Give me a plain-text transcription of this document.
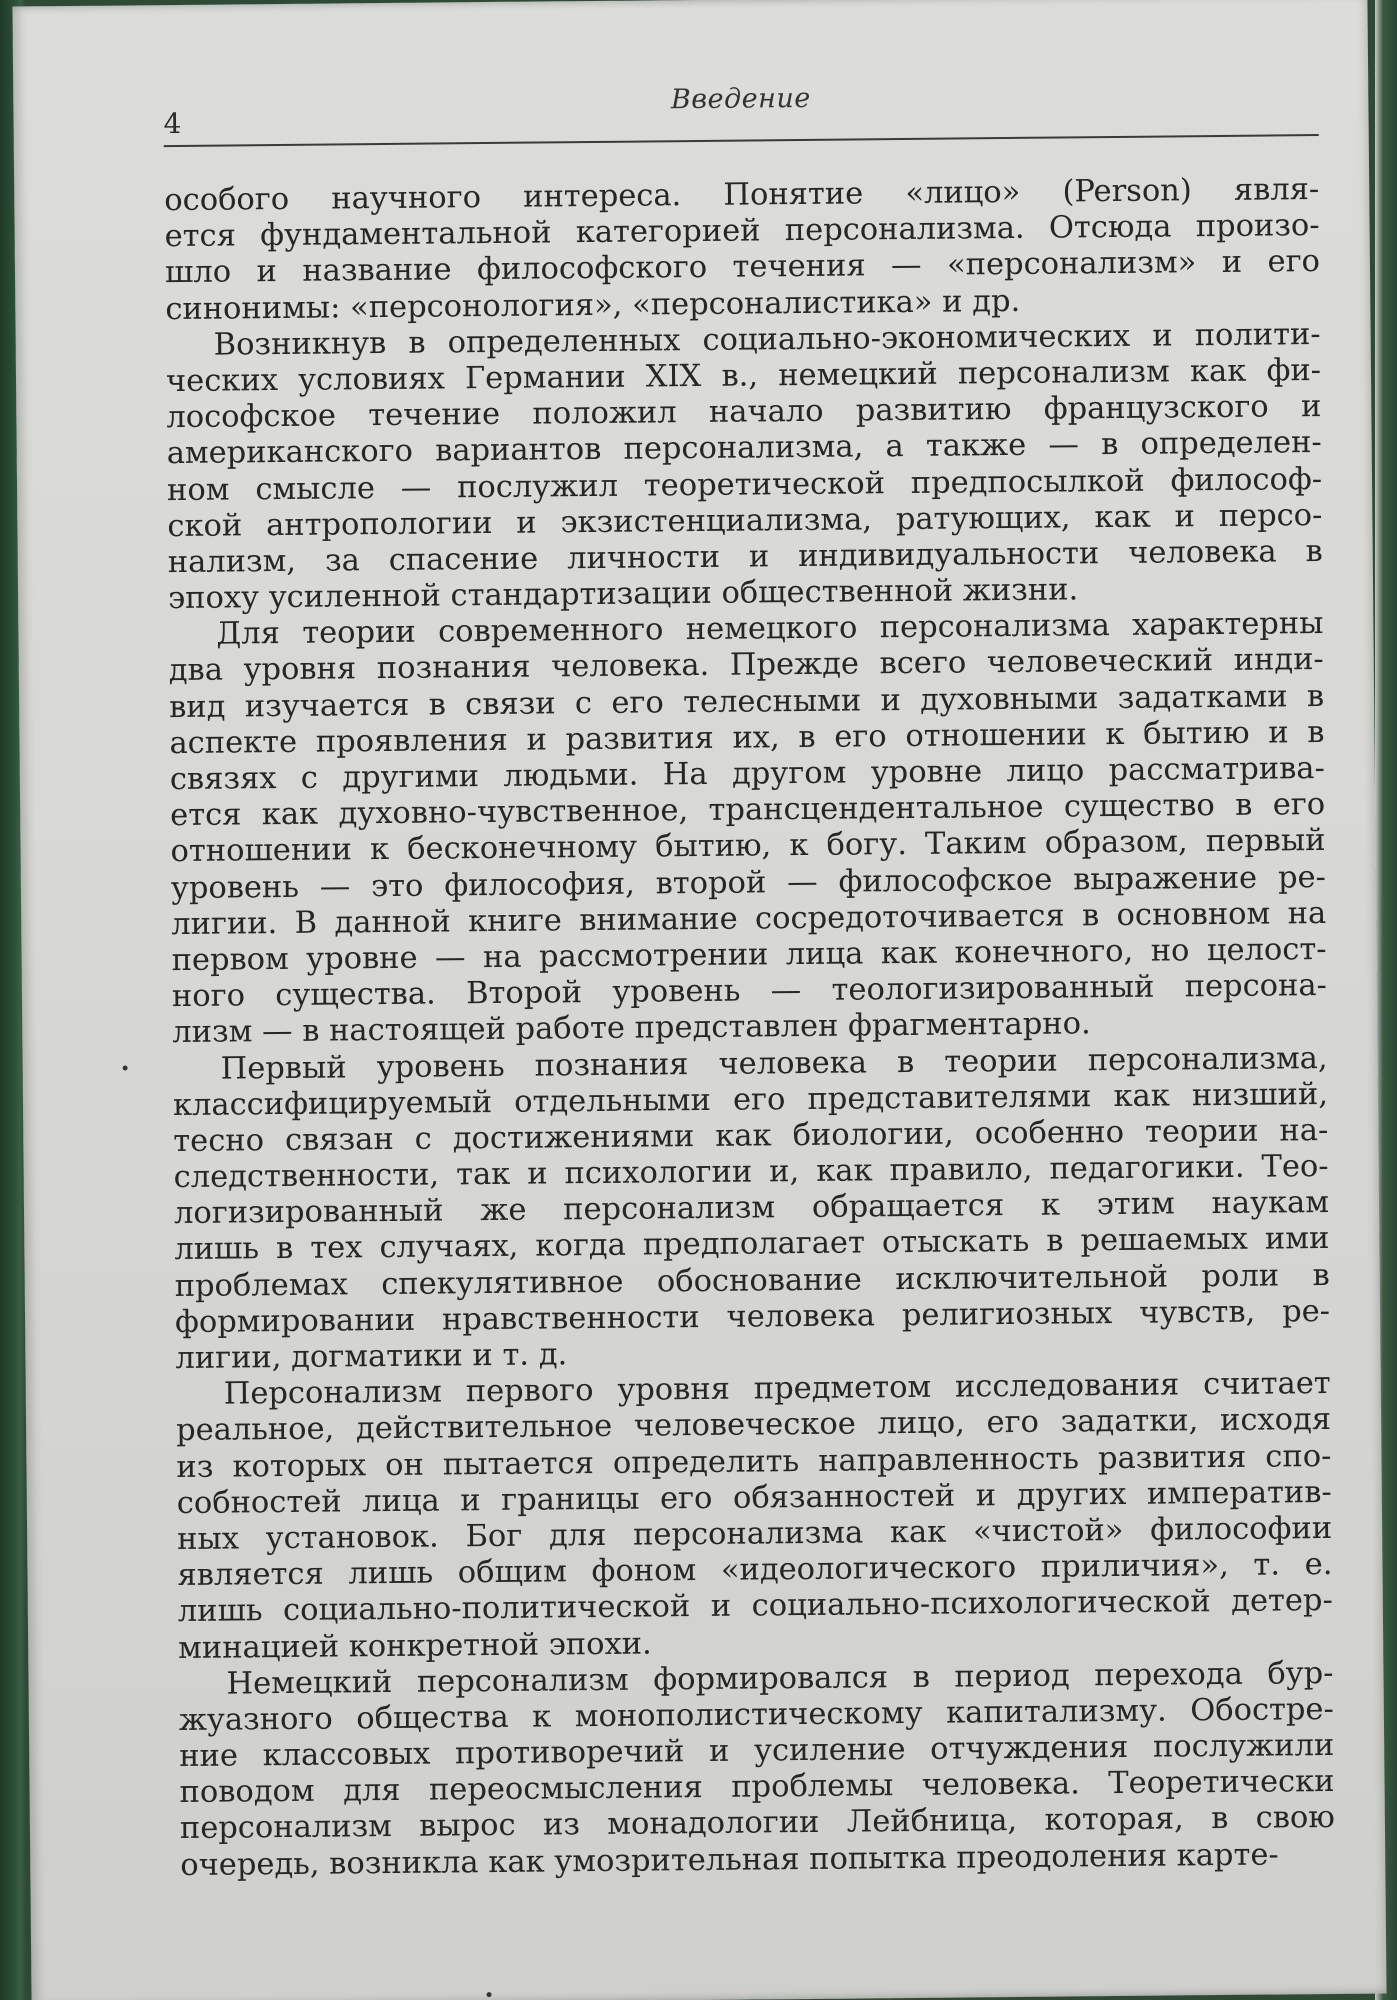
4
Введение
особого научного интереса. Понятие «лицо» (Person) явля-
ется фундаментальной категорией персонализма. Отсюда произо-
шло и название философского течения — «персонализм» и его
синонимы: «персонология», «персоналистика» и др.
Возникнув в определенных социально-экономических и полити-
ческих условиях Германии XIX в., немецкий персонализм как фи-
лософское течение положил начало развитию французского и
американского вариантов персонализма, а также — в определен-
ном смысле — послужил теоретической предпосылкой философ-
ской антропологии и экзистенциализма, ратующих, как и персо-
нализм, за спасение личности и индивидуальности человека в
эпоху усиленной стандартизации общественной жизни.
Для теории современного немецкого персонализма характерны
два уровня познания человека. Прежде всего человеческий инди-
вид изучается в связи с его телесными и духовными задатками в
аспекте проявления и развития их, в его отношении к бытию и в
связях с другими людьми. На другом уровне лицо рассматрива-
ется как духовно-чувственное, трансцендентальное существо в его
отношении к бесконечному бытию, к богу. Таким образом, первый
уровень — это философия, второй — философское выражение ре-
лигии. В данной книге внимание сосредоточивается в основном на
первом уровне — на рассмотрении лица как конечного, но целост-
ного существа. Второй уровень — теологизированный персона-
лизм — в настоящей работе представлен фрагментарно.
Первый уровень познания человека в теории персонализма,
классифицируемый отдельными его представителями как низший,
тесно связан с достижениями как биологии, особенно теории на-
следственности, так и психологии и, как правило, педагогики. Тео-
логизированный же персонализм обращается к этим наукам
лишь в тех случаях, когда предполагает отыскать в решаемых ими
проблемах спекулятивное обоснование исключительной роли в
формировании нравственности человека религиозных чувств, ре-
лигии, догматики и т. д.
Персонализм первого уровня предметом исследования считает
реальное, действительное человеческое лицо, его задатки, исходя
из которых он пытается определить направленность развития спо-
собностей лица и границы его обязанностей и других императив-
ных установок. Бог для персонализма как «чистой» философии
является лишь общим фоном «идеологического приличия», т. е.
лишь социально-политической и социально-психологической детер-
минацией конкретной эпохи.
Немецкий персонализм формировался в период перехода бур-
жуазного общества к монополистическому капитализму. Обостре-
ние классовых противоречий и усиление отчуждения послужили
поводом для переосмысления проблемы человека. Теоретически
персонализм вырос из монадологии Лейбница, которая, в свою
очередь, возникла как умозрительная попытка преодоления карте-
